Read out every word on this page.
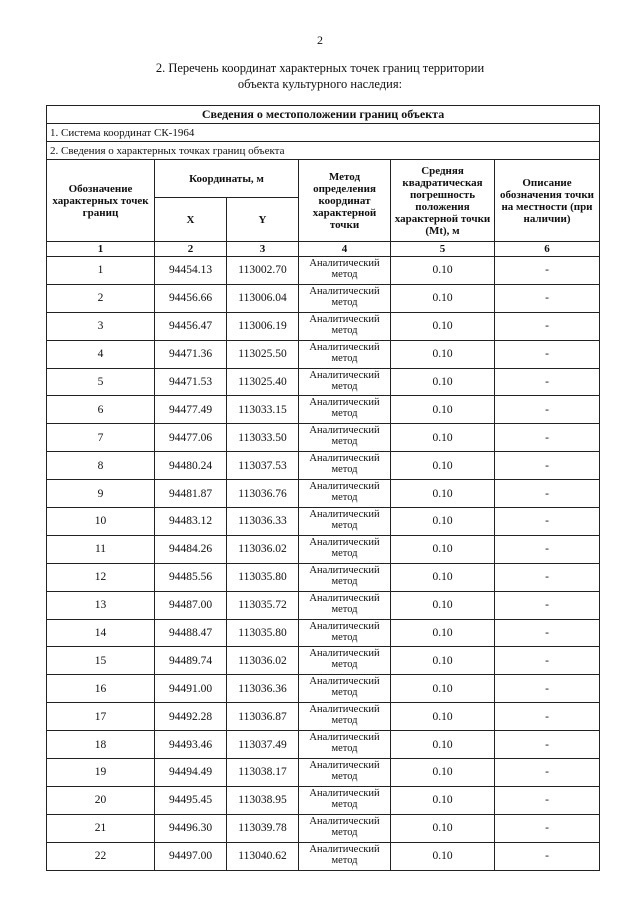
2
2. Перечень координат характерных точек границ территории
объекта культурного наследия:
Сведения о местоположении границ объекта					
1. Система координат СК-1964					
2. Сведения о характерных точках границ объекта					
Обозначение характерных точек границ	Координаты, м		Метод определения координат характерной точки	Средняя квадратическая погрешность положения характерной точки (Mt), м	Описание обозначения точки на местности (при наличии)
	X	Y			
1	2	3	4	5	6
1	94454.13	113002.70	Аналитический метод	0.10	-
2	94456.66	113006.04	Аналитический метод	0.10	-
3	94456.47	113006.19	Аналитический метод	0.10	-
4	94471.36	113025.50	Аналитический метод	0.10	-
5	94471.53	113025.40	Аналитический метод	0.10	-
6	94477.49	113033.15	Аналитический метод	0.10	-
7	94477.06	113033.50	Аналитический метод	0.10	-
8	94480.24	113037.53	Аналитический метод	0.10	-
9	94481.87	113036.76	Аналитический метод	0.10	-
10	94483.12	113036.33	Аналитический метод	0.10	-
11	94484.26	113036.02	Аналитический метод	0.10	-
12	94485.56	113035.80	Аналитический метод	0.10	-
13	94487.00	113035.72	Аналитический метод	0.10	-
14	94488.47	113035.80	Аналитический метод	0.10	-
15	94489.74	113036.02	Аналитический метод	0.10	-
16	94491.00	113036.36	Аналитический метод	0.10	-
17	94492.28	113036.87	Аналитический метод	0.10	-
18	94493.46	113037.49	Аналитический метод	0.10	-
19	94494.49	113038.17	Аналитический метод	0.10	-
20	94495.45	113038.95	Аналитический метод	0.10	-
21	94496.30	113039.78	Аналитический метод	0.10	-
22	94497.00	113040.62	Аналитический метод	0.10	-
